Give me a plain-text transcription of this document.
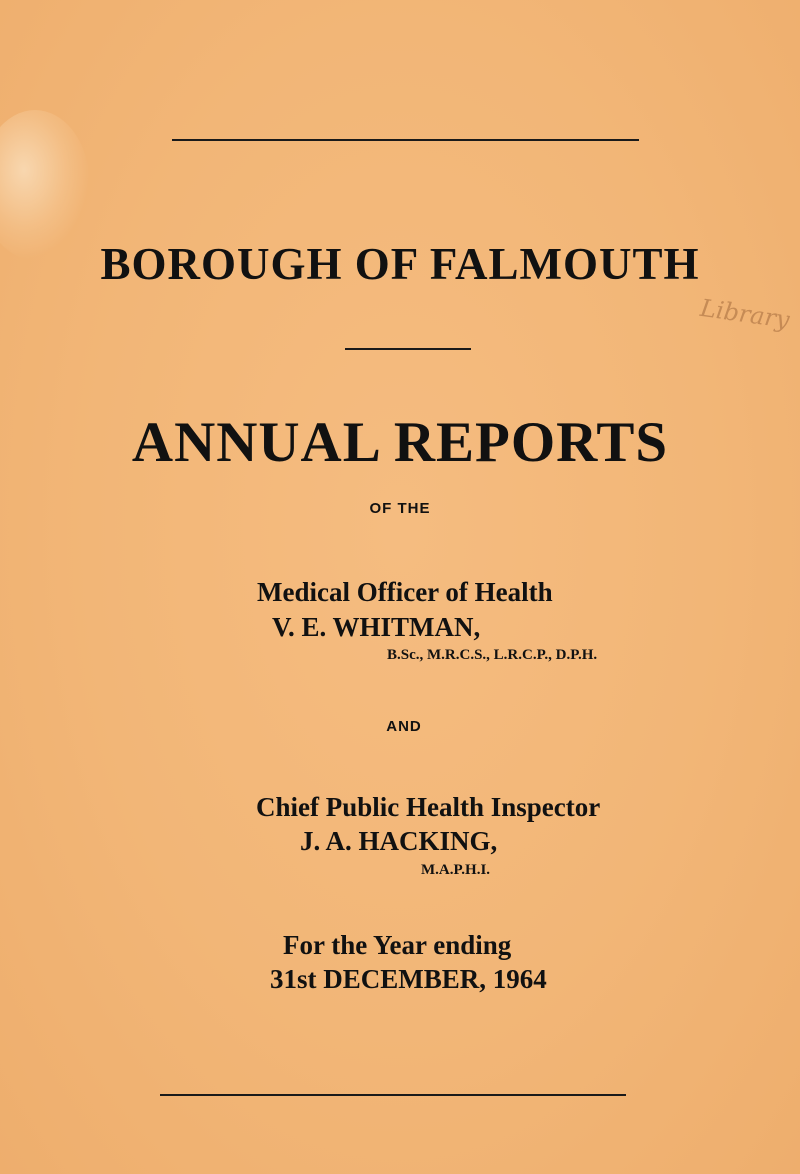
BOROUGH OF FALMOUTH
Library
ANNUAL REPORTS
OF THE
Medical Officer of Health
V. E. WHITMAN,
B.Sc., M.R.C.S., L.R.C.P., D.P.H.
AND
Chief Public Health Inspector
J. A. HACKING,
M.A.P.H.I.
For the Year ending
31st DECEMBER, 1964
